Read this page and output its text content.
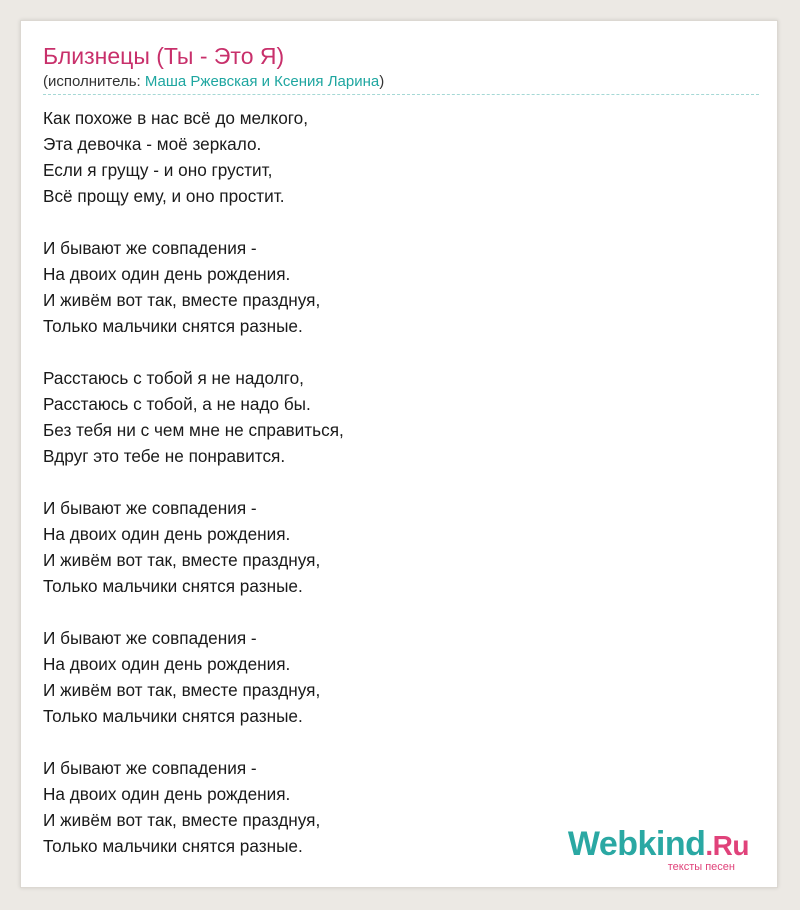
Близнецы (Ты - Это Я)
(исполнитель: Маша Ржевская и Ксения Ларина)
Как похоже в нас всё до мелкого,
Эта девочка - моё зеркало.
Если я грущу - и оно грустит,
Всё прощу ему, и оно простит.
И бывают же совпадения -
На двоих один день рождения.
И живём вот так, вместе празднуя,
Только мальчики снятся разные.
Расстаюсь с тобой я не надолго,
Расстаюсь с тобой, а не надо бы.
Без тебя ни с чем мне не справиться,
Вдруг это тебе не понравится.
И бывают же совпадения -
На двоих один день рождения.
И живём вот так, вместе празднуя,
Только мальчики снятся разные.
И бывают же совпадения -
На двоих один день рождения.
И живём вот так, вместе празднуя,
Только мальчики снятся разные.
И бывают же совпадения -
На двоих один день рождения.
И живём вот так, вместе празднуя,
Только мальчики снятся разные.	Webkind.Ru
тексты песен
